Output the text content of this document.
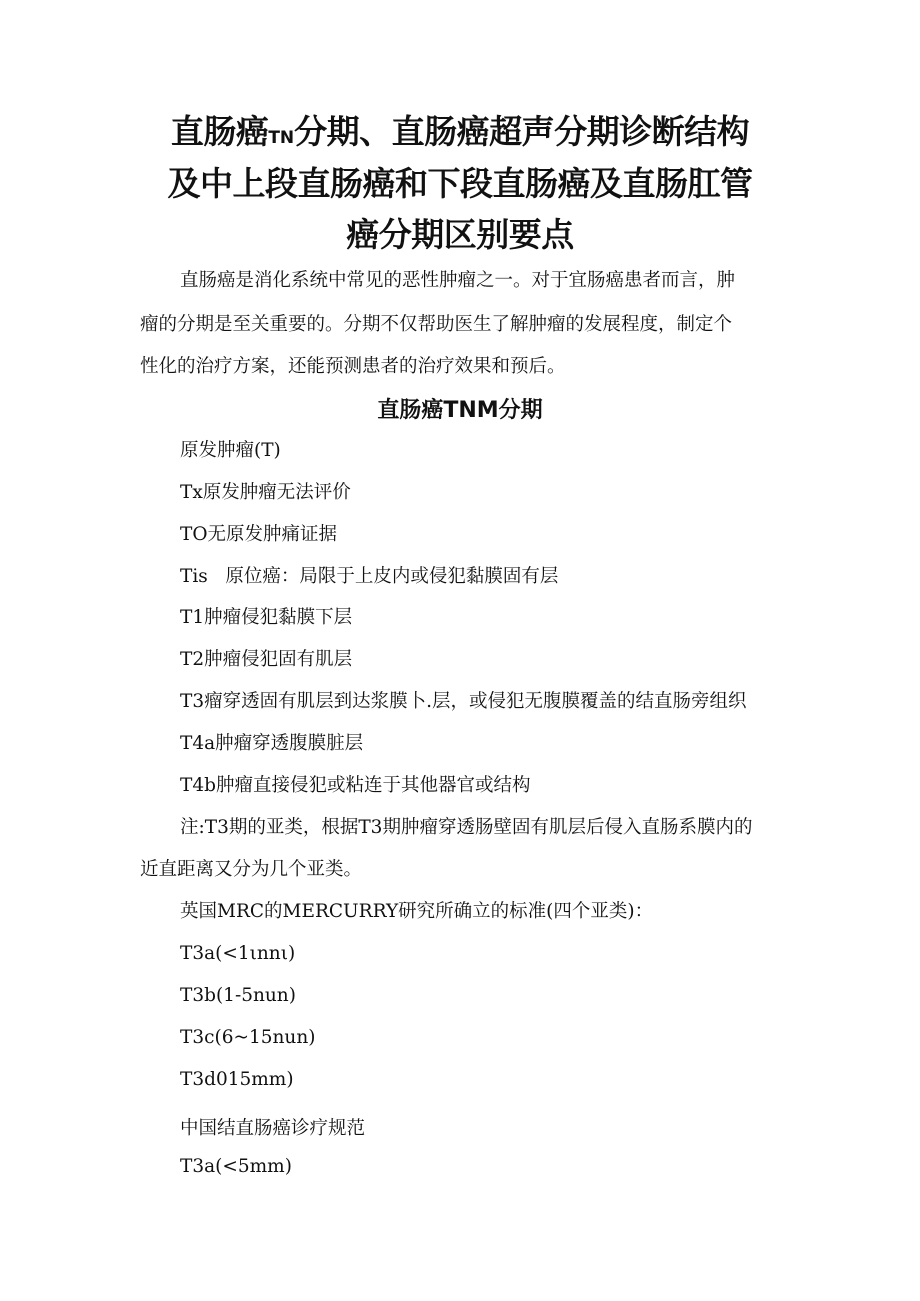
直肠癌TN分期、直肠癌超声分期诊断结构
及中上段直肠癌和下段直肠癌及直肠肛管
癌分期区别要点
直肠癌是消化系统中常见的恶性肿瘤之一。对于宜肠癌患者而言，肿
瘤的分期是至关重要的。分期不仅帮助医生了解肿瘤的发展程度，制定个
性化的治疗方案，还能预测患者的治疗效果和预后。
直肠癌TNM分期
原发肿瘤(T)
Tx原发肿瘤无法评价
TO无原发肿痛证据
Tis   原位癌：局限于上皮内或侵犯黏膜固有层
T1肿瘤侵犯黏膜下层
T2肿瘤侵犯固有肌层
T3瘤穿透固有肌层到达浆膜卜.层，或侵犯无腹膜覆盖的结直肠旁组织
T4a肿瘤穿透腹膜脏层
T4b肿瘤直接侵犯或粘连于其他器官或结构
注:T3期的亚类，根据T3期肿瘤穿透肠壁固有肌层后侵入直肠系膜内的
近直距离又分为几个亚类。
英国MRC的MERCURRY研究所确立的标准(四个亚类)：
T3a(<1ιnnι)
T3b(1-5nun)
T3c(6~15nun)
T3d015mm)
中国结直肠癌诊疗规范
T3a(<5mm)
